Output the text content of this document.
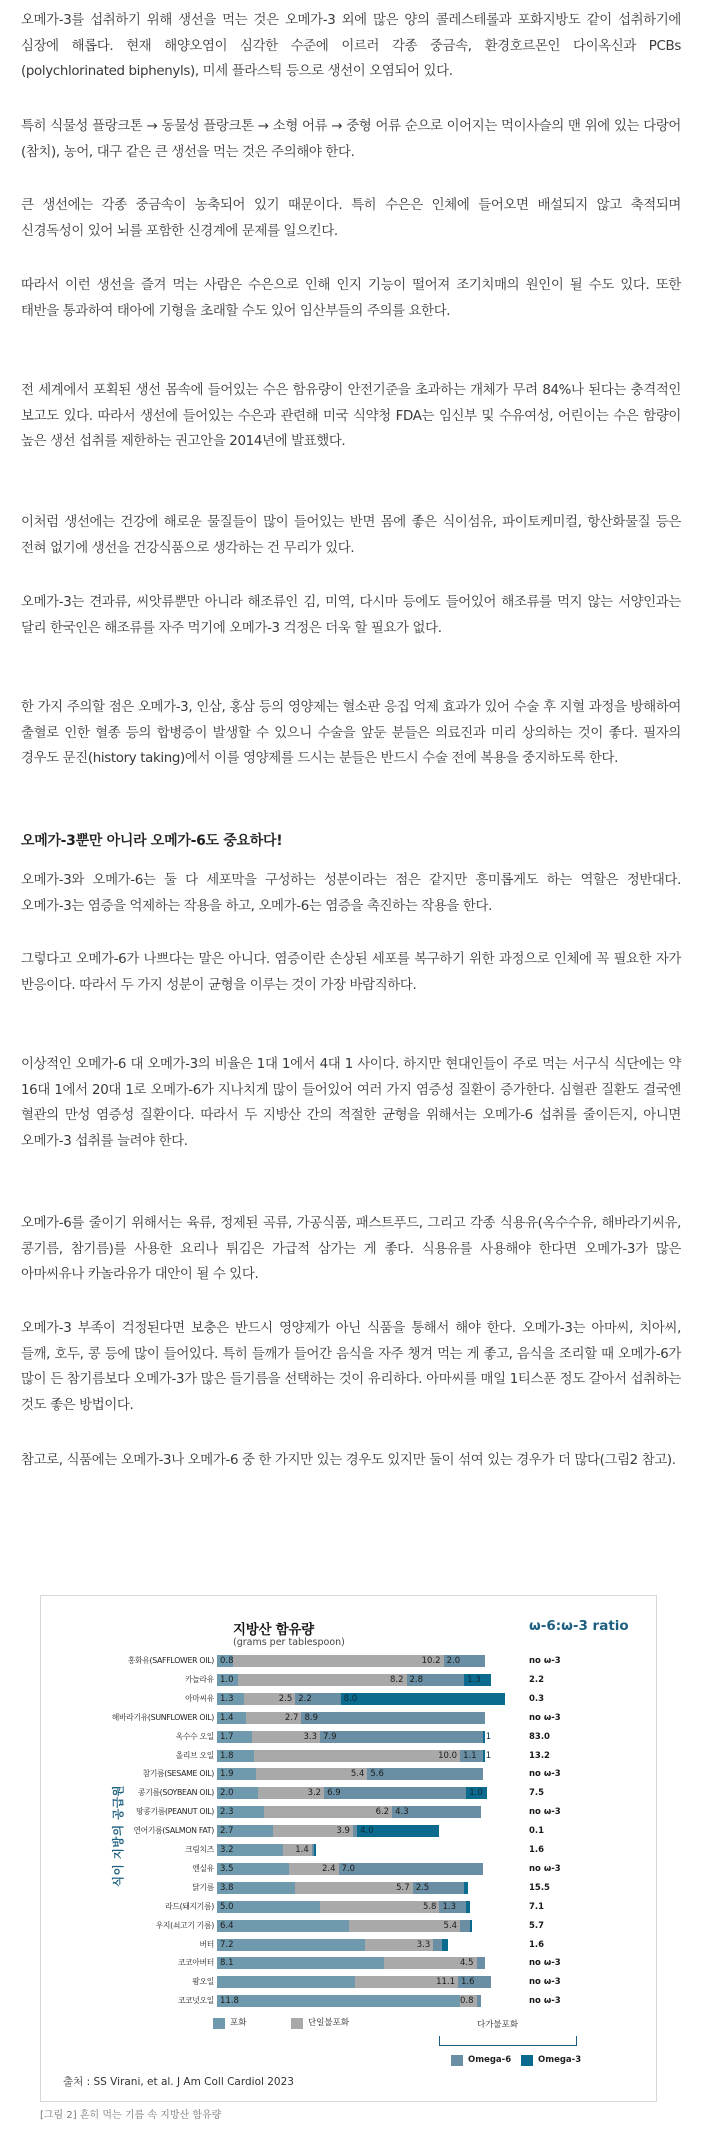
오메가-3를 섭취하기 위해 생선을 먹는 것은 오메가-3 외에 많은 양의 콜레스테롤과 포화지방도 같이 섭취하기에 심장에 해롭다. 현재 해양오염이 심각한 수준에 이르러 각종 중금속, 환경호르몬인 다이옥신과 PCBs (polychlorinated biphenyls), 미세 플라스틱 등으로 생선이 오염되어 있다.

특히 식물성 플랑크톤 → 동물성 플랑크톤 → 소형 어류 → 중형 어류 순으로 이어지는 먹이사슬의 맨 위에 있는 다랑어(참치), 농어, 대구 같은 큰 생선을 먹는 것은 주의해야 한다.

큰 생선에는 각종 중금속이 농축되어 있기 때문이다. 특히 수은은 인체에 들어오면 배설되지 않고 축적되며 신경독성이 있어 뇌를 포함한 신경계에 문제를 일으킨다.

따라서 이런 생선을 즐겨 먹는 사람은 수은으로 인해 인지 기능이 떨어져 조기치매의 원인이 될 수도 있다. 또한 태반을 통과하여 태아에 기형을 초래할 수도 있어 임산부들의 주의를 요한다.

전 세계에서 포획된 생선 몸속에 들어있는 수은 함유량이 안전기준을 초과하는 개체가 무려 84%나 된다는 충격적인 보고도 있다. 따라서 생선에 들어있는 수은과 관련해 미국 식약청 FDA는 임신부 및 수유여성, 어린이는 수은 함량이 높은 생선 섭취를 제한하는 권고안을 2014년에 발표했다.

이처럼 생선에는 건강에 해로운 물질들이 많이 들어있는 반면 몸에 좋은 식이섬유, 파이토케미컬, 항산화물질 등은 전혀 없기에 생선을 건강식품으로 생각하는 건 무리가 있다.

오메가-3는 견과류, 씨앗류뿐만 아니라 해조류인 김, 미역, 다시마 등에도 들어있어 해조류를 먹지 않는 서양인과는 달리 한국인은 해조류를 자주 먹기에 오메가-3 걱정은 더욱 할 필요가 없다.

한 가지 주의할 점은 오메가-3, 인삼, 홍삼 등의 영양제는 혈소판 응집 억제 효과가 있어 수술 후 지혈 과정을 방해하여 출혈로 인한 혈종 등의 합병증이 발생할 수 있으니 수술을 앞둔 분들은 의료진과 미리 상의하는 것이 좋다. 필자의 경우도 문진(history taking)에서 이를 영양제를 드시는 분들은 반드시 수술 전에 복용을 중지하도록 한다.

오메가-3뿐만 아니라 오메가-6도 중요하다!

오메가-3와 오메가-6는 둘 다 세포막을 구성하는 성분이라는 점은 같지만 흥미롭게도 하는 역할은 정반대다. 오메가-3는 염증을 억제하는 작용을 하고, 오메가-6는 염증을 촉진하는 작용을 한다.

그렇다고 오메가-6가 나쁘다는 말은 아니다. 염증이란 손상된 세포를 복구하기 위한 과정으로 인체에 꼭 필요한 자가 반응이다. 따라서 두 가지 성분이 균형을 이루는 것이 가장 바람직하다.

이상적인 오메가-6 대 오메가-3의 비율은 1대 1에서 4대 1 사이다. 하지만 현대인들이 주로 먹는 서구식 식단에는 약 16대 1에서 20대 1로 오메가-6가 지나치게 많이 들어있어 여러 가지 염증성 질환이 증가한다. 심혈관 질환도 결국엔 혈관의 만성 염증성 질환이다. 따라서 두 지방산 간의 적절한 균형을 위해서는 오메가-6 섭취를 줄이든지, 아니면 오메가-3 섭취를 늘려야 한다.

오메가-6를 줄이기 위해서는 육류, 정제된 곡류, 가공식품, 패스트푸드, 그리고 각종 식용유(옥수수유, 해바라기씨유, 콩기름, 참기름)를 사용한 요리나 튀김은 가급적 삼가는 게 좋다. 식용유를 사용해야 한다면 오메가-3가 많은 아마씨유나 카놀라유가 대안이 될 수 있다.

오메가-3 부족이 걱정된다면 보충은 반드시 영양제가 아닌 식품을 통해서 해야 한다. 오메가-3는 아마씨, 치아씨, 들깨, 호두, 콩 등에 많이 들어있다. 특히 들깨가 들어간 음식을 자주 챙겨 먹는 게 좋고, 음식을 조리할 때 오메가-6가 많이 든 참기름보다 오메가-3가 많은 들기름을 선택하는 것이 유리하다. 아마씨를 매일 1티스푼 정도 갈아서 섭취하는 것도 좋은 방법이다.

참고로, 식품에는 오메가-3나 오메가-6 중 한 가지만 있는 경우도 있지만 둘이 섞여 있는 경우가 더 많다(그림2 참고).

지방산 함유량
(grams per tablespoon)
ω-6:ω-3 ratio
식이 지방의 공급원
홍화유(SAFFLOWER OIL) 0.8	10.2 2.0	no ω-3
카놀라유 1.0	8.2 2.8	1.3	2.2
아마씨유 1.3	2.5 2.2	8.0	0.3
해바라기유(SUNFLOWER OIL) 1.4	2.7 8.9	no ω-3
옥수수 오일 1.7	3.3 7.9	1	83.0
올리브 오일 1.8	10.0 1.1 1	13.2
참기름(SESAME OIL) 1.9	5.4 5.6	no ω-3
콩기름(SOYBEAN OIL) 2.0	3.2 6.9	1.0	7.5
땅콩기름(PEANUT OIL) 2.3	6.2 4.3	no ω-3
연어기름(SALMON FAT) 2.7	3.9 4.0	0.1
크림치즈 3.2	1.4	1.6
엔실유 3.5	2.4 7.0	no ω-3
닭기름 3.8	5.7 2.5	15.5
라드(돼지기름) 5.0	5.8 1.3	7.1
우지(쇠고기 기름) 6.4	5.4	5.7
버터 7.2	3.3	1.6
코코아버터 8.1	4.5	no ω-3
팜오일	11.1 1.6	no ω-3
코코넛오일 11.8	0.8	no ω-3
포화	단일불포화	다가불포화
Omega-6	Omega-3
출처 : SS Virani, et al. J Am Coll Cardiol 2023
[그림 2] 흔히 먹는 기름 속 지방산 함유량
